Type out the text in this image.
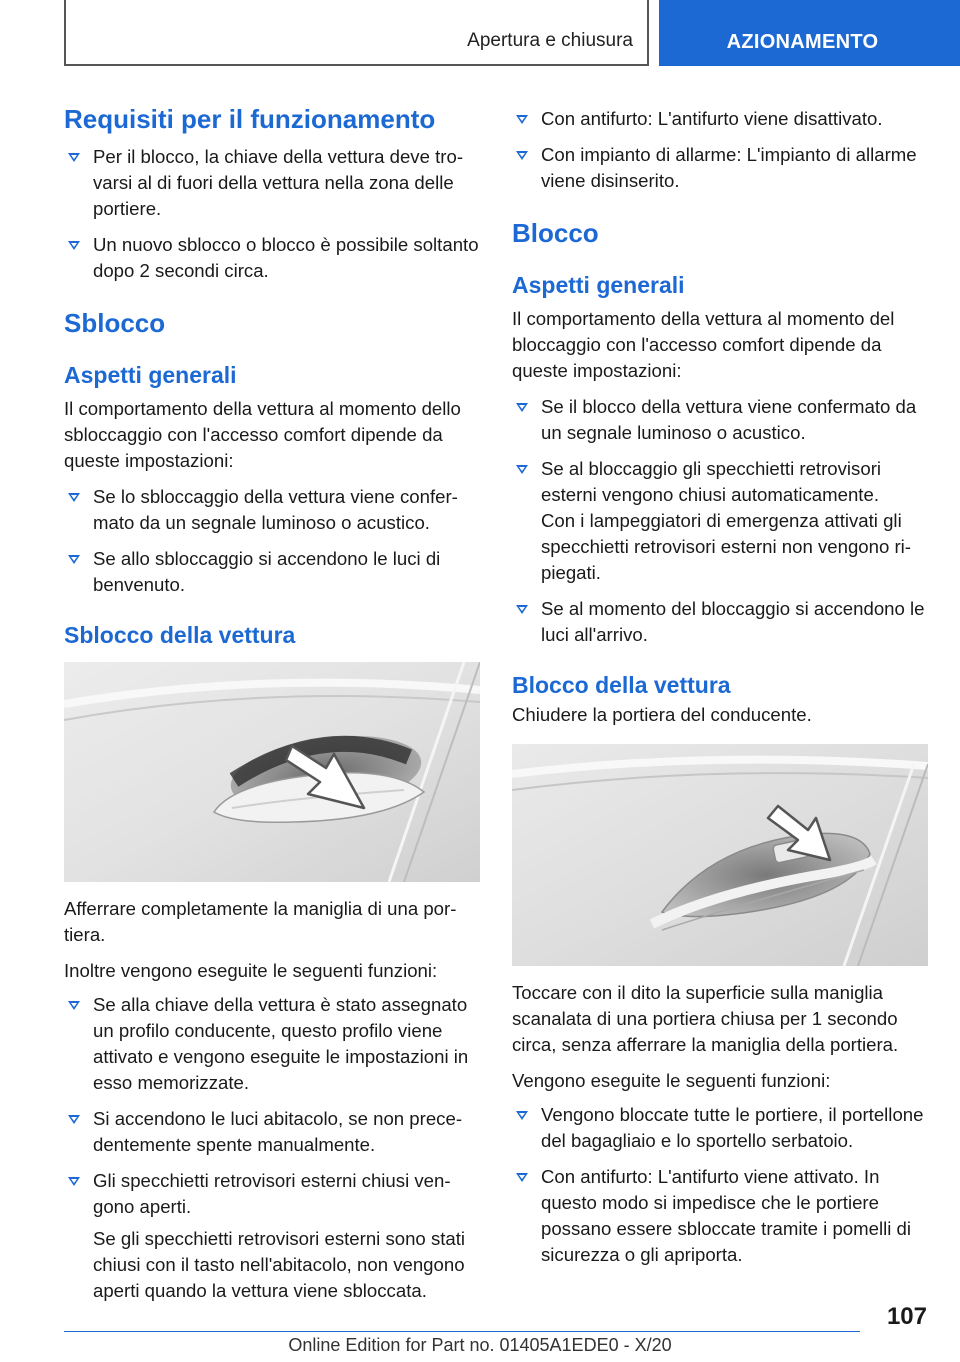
Apertura e chiusura	AZIONAMENTO
Requisiti per il funzionamento
Per il blocco, la chiave della vettura deve trovarsi al di fuori della vettura nella zona delle portiere.
Un nuovo sblocco o blocco è possibile soltanto dopo 2 secondi circa.
Sblocco
Aspetti generali

Il comportamento della vettura al momento dello sbloccaggio con l'accesso comfort dipende da queste impostazioni:

Se lo sbloccaggio della vettura viene confermato da un segnale luminoso o acustico.
Se allo sbloccaggio si accendono le luci di benvenuto.
Sblocco della vettura

Afferrare completamente la maniglia di una portiera.

Inoltre vengono eseguite le seguenti funzioni:

Se alla chiave della vettura è stato assegnato un profilo conducente, questo profilo viene attivato e vengono eseguite le impostazioni in esso memorizzate.
Si accendono le luci abitacolo, se non precedentemente spente manualmente.
Gli specchietti retrovisori esterni chiusi vengono aperti.
Se gli specchietti retrovisori esterni sono stati chiusi con il tasto nell'abitacolo, non vengono aperti quando la vettura viene sbloccata.
Con antifurto: L'antifurto viene disattivato.
Con impianto di allarme: L'impianto di allarme viene disinserito.
Blocco
Aspetti generali

Il comportamento della vettura al momento del bloccaggio con l'accesso comfort dipende da queste impostazioni:

Se il blocco della vettura viene confermato da un segnale luminoso o acustico.
Se al bloccaggio gli specchietti retrovisori esterni vengono chiusi automaticamente.
Con i lampeggiatori di emergenza attivati gli specchietti retrovisori esterni non vengono ripiegati.
Se al momento del bloccaggio si accendono le luci all'arrivo.
Blocco della vettura

Chiudere la portiera del conducente.

Toccare con il dito la superficie sulla maniglia scanalata di una portiera chiusa per 1 secondo circa, senza afferrare la maniglia della portiera.

Vengono eseguite le seguenti funzioni:

Vengono bloccate tutte le portiere, il portellone del bagagliaio e lo sportello serbatoio.
Con antifurto: L'antifurto viene attivato. In questo modo si impedisce che le portiere possano essere sbloccate tramite i pomelli di sicurezza o gli apriporta.
107
Online Edition for Part no. 01405A1EDE0 - X/20
